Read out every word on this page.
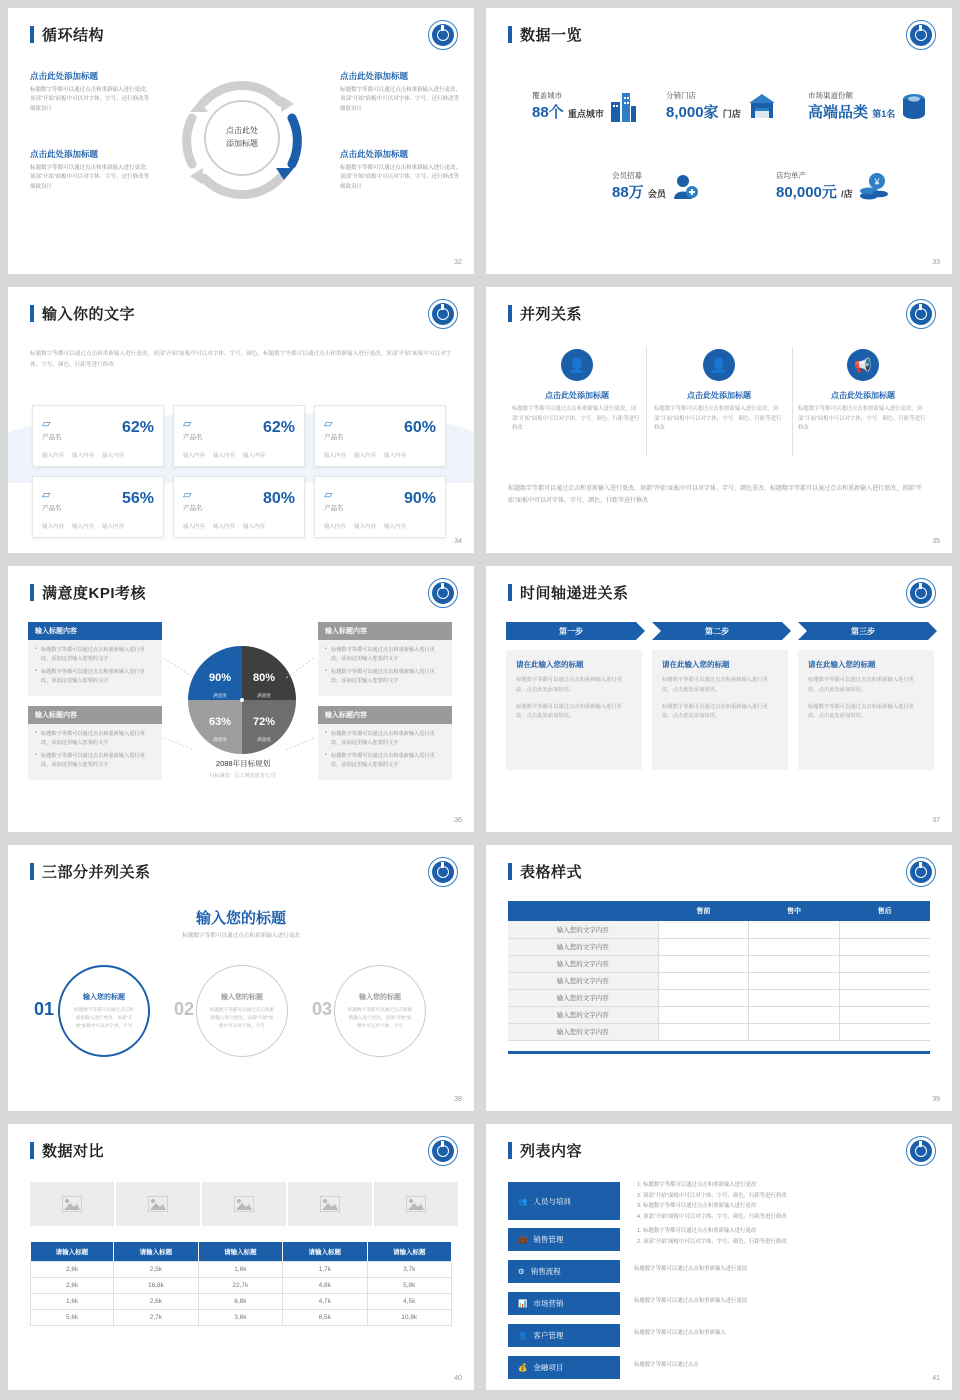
循环结构
点击此处
添加标题
点击此处添加标题
标题数字等都可以通过点击和重新输入进行更改，顶部“开始”面板中可以对字体、字号、还行修改等细致设计
点击此处添加标题
标题数字等都可以通过点击和重新输入进行更改，顶部“开始”面板中可以对字体、字号、还行修改等细致设计
点击此处添加标题
标题数字等都可以通过点击和重新输入进行更改，顶部“开始”面板中可以对字体、字号、还行修改等细致设计
点击此处添加标题
标题数字等都可以通过点击和重新输入进行更改，顶部“开始”面板中可以对字体、字号、还行修改等细致设计
32
数据一览
覆盖城市
88个 重点城市
分销门店
8,000家 门店
市场渠道份额
高端品类 第1名
会员招募
88万 会员
店均单产
80,000元 /店
¥
33
输入你的文字
标题数字等都可以通过点击和重新输入进行更改，顶部“开始”面板中可以对字体、字号、颜色、标题数字等都可以通过点击和重新输入进行更改，顶部“开始”面板中可以对字体、字号、颜色、行距等进行修改
▱
产品名
62%
输入内容 输入内容 输入内容
▱
产品名
62%
输入内容 输入内容 输入内容
▱
产品名
60%
输入内容 输入内容 输入内容
▱
产品名
56%
输入内容 输入内容 输入内容
▱
产品名
80%
输入内容 输入内容 输入内容
▱
产品名
90%
输入内容 输入内容 输入内容
34
并列关系
👤
点击此处添加标题
标题数字等都可以通过点击和重新输入进行更改，顶部“开始”面板中可以对字体、字号、颜色、行距等进行修改
👤
点击此处添加标题
标题数字等都可以通过点击和重新输入进行更改，顶部“开始”面板中可以对字体、字号、颜色、行距等进行修改
📢
点击此处添加标题
标题数字等都可以通过点击和重新输入进行更改，顶部“开始”面板中可以对字体、字号、颜色、行距等进行修改
标题数字等都可以通过点击和重新输入进行更改，顶部“开始”面板中可以对字体、字号、颜色重改，标题数字等都可以通过点击和重新输入进行更改，顶部“开始”面板中可以对字体、字号、颜色、行距等进行修改
35
满意度KPI考核
输入标题内容
• 标题数字等都可以通过点击和重新输入进行更改，添加这里输入您要的文字
• 标题数字等都可以通过点击和重新输入进行更改，添加这里输入您要的文字
输入标题内容
• 标题数字等都可以通过点击和重新输入进行更改，添加这里输入您要的文字
• 标题数字等都可以通过点击和重新输入进行更改，添加这里输入您要的文字
输入标题内容
• 标题数字等都可以通过点击和重新输入进行更改，添加这里输入您要的文字
• 标题数字等都可以通过点击和重新输入进行更改，添加这里输入您要的文字
输入标题内容
• 标题数字等都可以通过点击和重新输入进行更改，添加这里输入您要的文字
• 标题数字等都可以通过点击和重新输入进行更改，添加这里输入您要的文字
90%
满意度
80%
满意度
63%
满意度
72%
满意度
2088年目标规划
目标满意：员工满意度为'公司'
36
时间轴递进关系
第一步	第二步	第三步
请在此输入您的标题
标题数字等都可以通过点击和重新输入进行更改，点击此处添加短语。
标题数字等都可以通过点击和重新输入进行更改，点击此处添加短语。
请在此输入您的标题
标题数字等都可以通过点击和重新输入进行更改，点击此处添加短语。
标题数字等都可以通过点击和重新输入进行更改，点击此处添加短语。
请在此输入您的标题
标题数字等都可以通过点击和重新输入进行更改，点击此处添加短语。
标题数字等都可以通过点击和重新输入进行更改，点击此处添加短语。
37
三部分并列关系
输入您的标题
标题数字等都可以通过点击和重新输入进行更改
输入您的标题
标题数字等都可以通过点击和重新输入进行更改，顶部“开始”面板中可以对字体、字号
01
输入您的标题
标题数字等都可以通过点击和重新输入进行更改，顶部“开始”面板中可以对字体、字号
02
输入您的标题
标题数字等都可以通过点击和重新输入进行更改，顶部“开始”面板中可以对字体、字号
03
38
表格样式
	售前	售中	售后
输入您的文字内容			
输入您的文字内容			
输入您的文字内容			
输入您的文字内容			
输入您的文字内容			
输入您的文字内容			
输入您的文字内容			
39
数据对比
请输入标题	请输入标题	请输入标题	请输入标题	请输入标题
2,8k	2,5k	1,6k	1,7k	3,7k
2,8k	16,8k	22,7k	4,8k	5,8k
1,6k	2,6k	6,8k	4,7k	4,5k
5,6k	2,7k	3,6k	8,5k	10,8k
40
列表内容
👥 人员与培训
1. 标题数字等都可以通过点击和重新输入进行更改
2. 顶部“开始”面板中可以对字体、字号、颜色、行距等进行修改
3. 标题数字等都可以通过点击和重新输入进行更改
4. 顶部“开始”面板中可以对字体、字号、颜色、行距等进行修改
💼 销售管理
1. 标题数字等都可以通过点击和重新输入进行更改
2. 顶部“开始”面板中可以对字体、字号、颜色、行距等进行修改
⚙ 销售流程	标题数字等都可以通过点击和重新输入进行更改
📊 市场营销	标题数字等都可以通过点击和重新输入进行更改
👤 客户管理	标题数字等都可以通过点击和重新输入
💰 金融项目	标题数字等都可以通过点击
41
